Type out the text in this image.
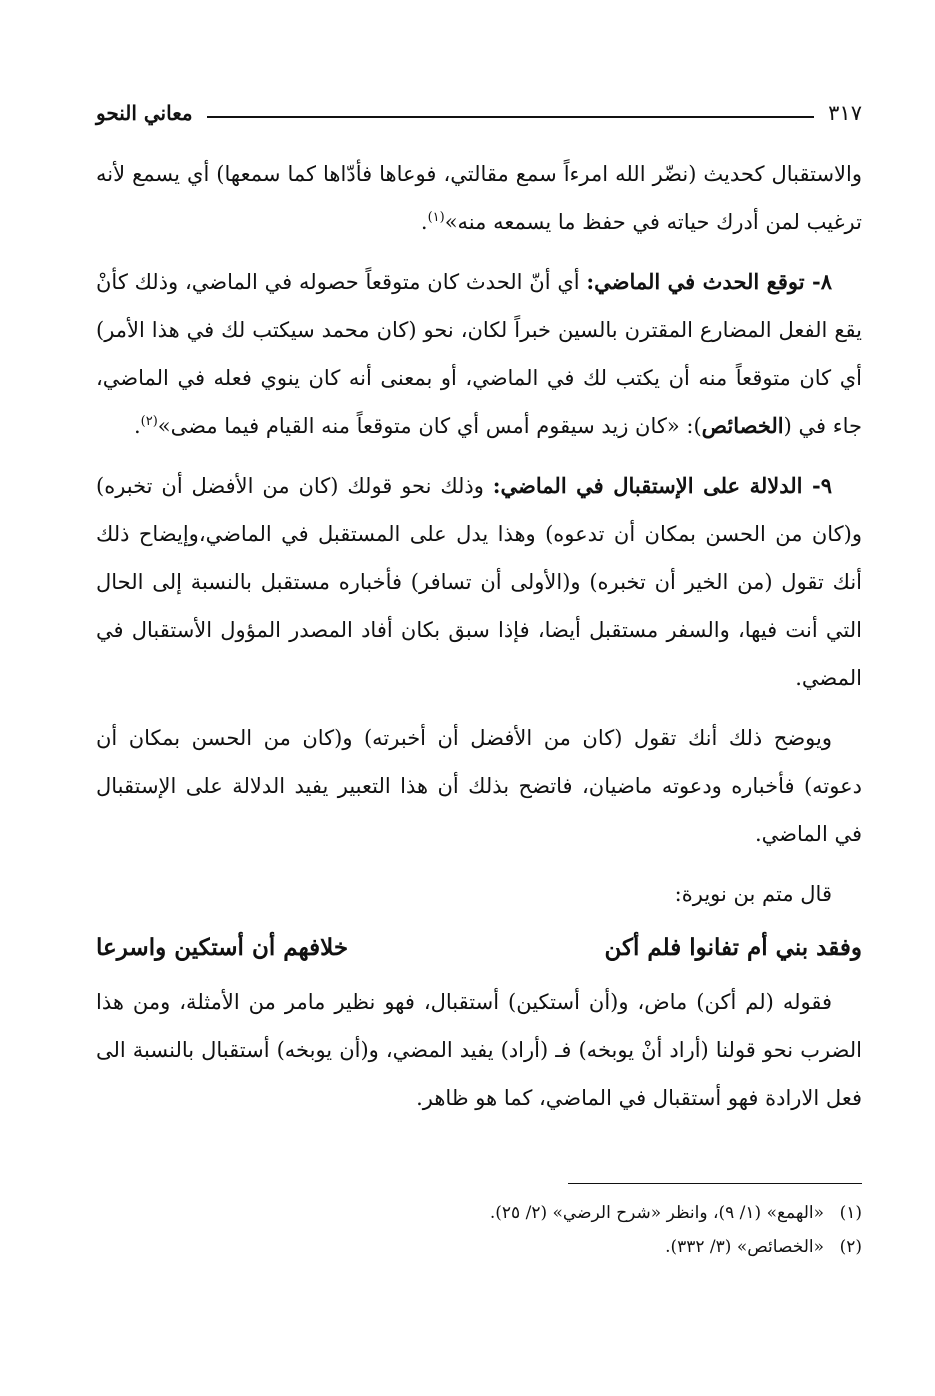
معاني النحو	٣١٧

والاستقبال كحديث (نضّر الله امرءاً سمع مقالتي، فوعاها فأدّاها كما سمعها) أي يسمع لأنه ترغيب لمن أدرك حياته في حفظ ما يسمعه منه»$^{(١)}$.

٨- توقع الحدث في الماضي: أي أنّ الحدث كان متوقعاً حصوله في الماضي، وذلك كأنْ يقع الفعل المضارع المقترن بالسين خبراً لكان، نحو (كان محمد سيكتب لك في هذا الأمر) أي كان متوقعاً منه أن يكتب لك في الماضي، أو بمعنى أنه كان ينوي فعله في الماضي، جاء في (الخصائص): «كان زيد سيقوم أمس أي كان متوقعاً منه القيام فيما مضى»$^{(٢)}$.

٩- الدلالة على الإستقبال في الماضي: وذلك نحو قولك (كان من الأفضل أن تخبره) و(كان من الحسن بمكان أن تدعوه) وهذا يدل على المستقبل في الماضي،وإيضاح ذلك أنك تقول (من الخير أن تخبره) و(الأولى أن تسافر) فأخباره مستقبل بالنسبة إلى الحال التي أنت فيها، والسفر مستقبل أيضا، فإذا سبق بكان أفاد المصدر المؤول الأستقبال في المضي.

ويوضح ذلك أنك تقول (كان من الأفضل أن أخبرته) و(كان من الحسن بمكان أن دعوته) فأخباره ودعوته ماضيان، فاتضح بذلك أن هذا التعبير يفيد الدلالة على الإستقبال في الماضي.

قال متم بن نويرة:

وفقد بني أم تفانوا فلم أكن
خلافهم أن أستكين واسرعا

فقوله (لم أكن) ماض، و(أن أستكين) أستقبال، فهو نظير مامر من الأمثلة، ومن هذا الضرب نحو قولنا (أراد أنْ يوبخه) فـ (أراد) يفيد المضي، و(أن يوبخه) أستقبال بالنسبة الى فعل الارادة فهو أستقبال في الماضي، كما هو ظاهر.

(١)
«الهمع» (١/ ٩)، وانظر «شرح الرضي» (٢/ ٢٥).
(٢)
«الخصائص» (٣/ ٣٣٢).
